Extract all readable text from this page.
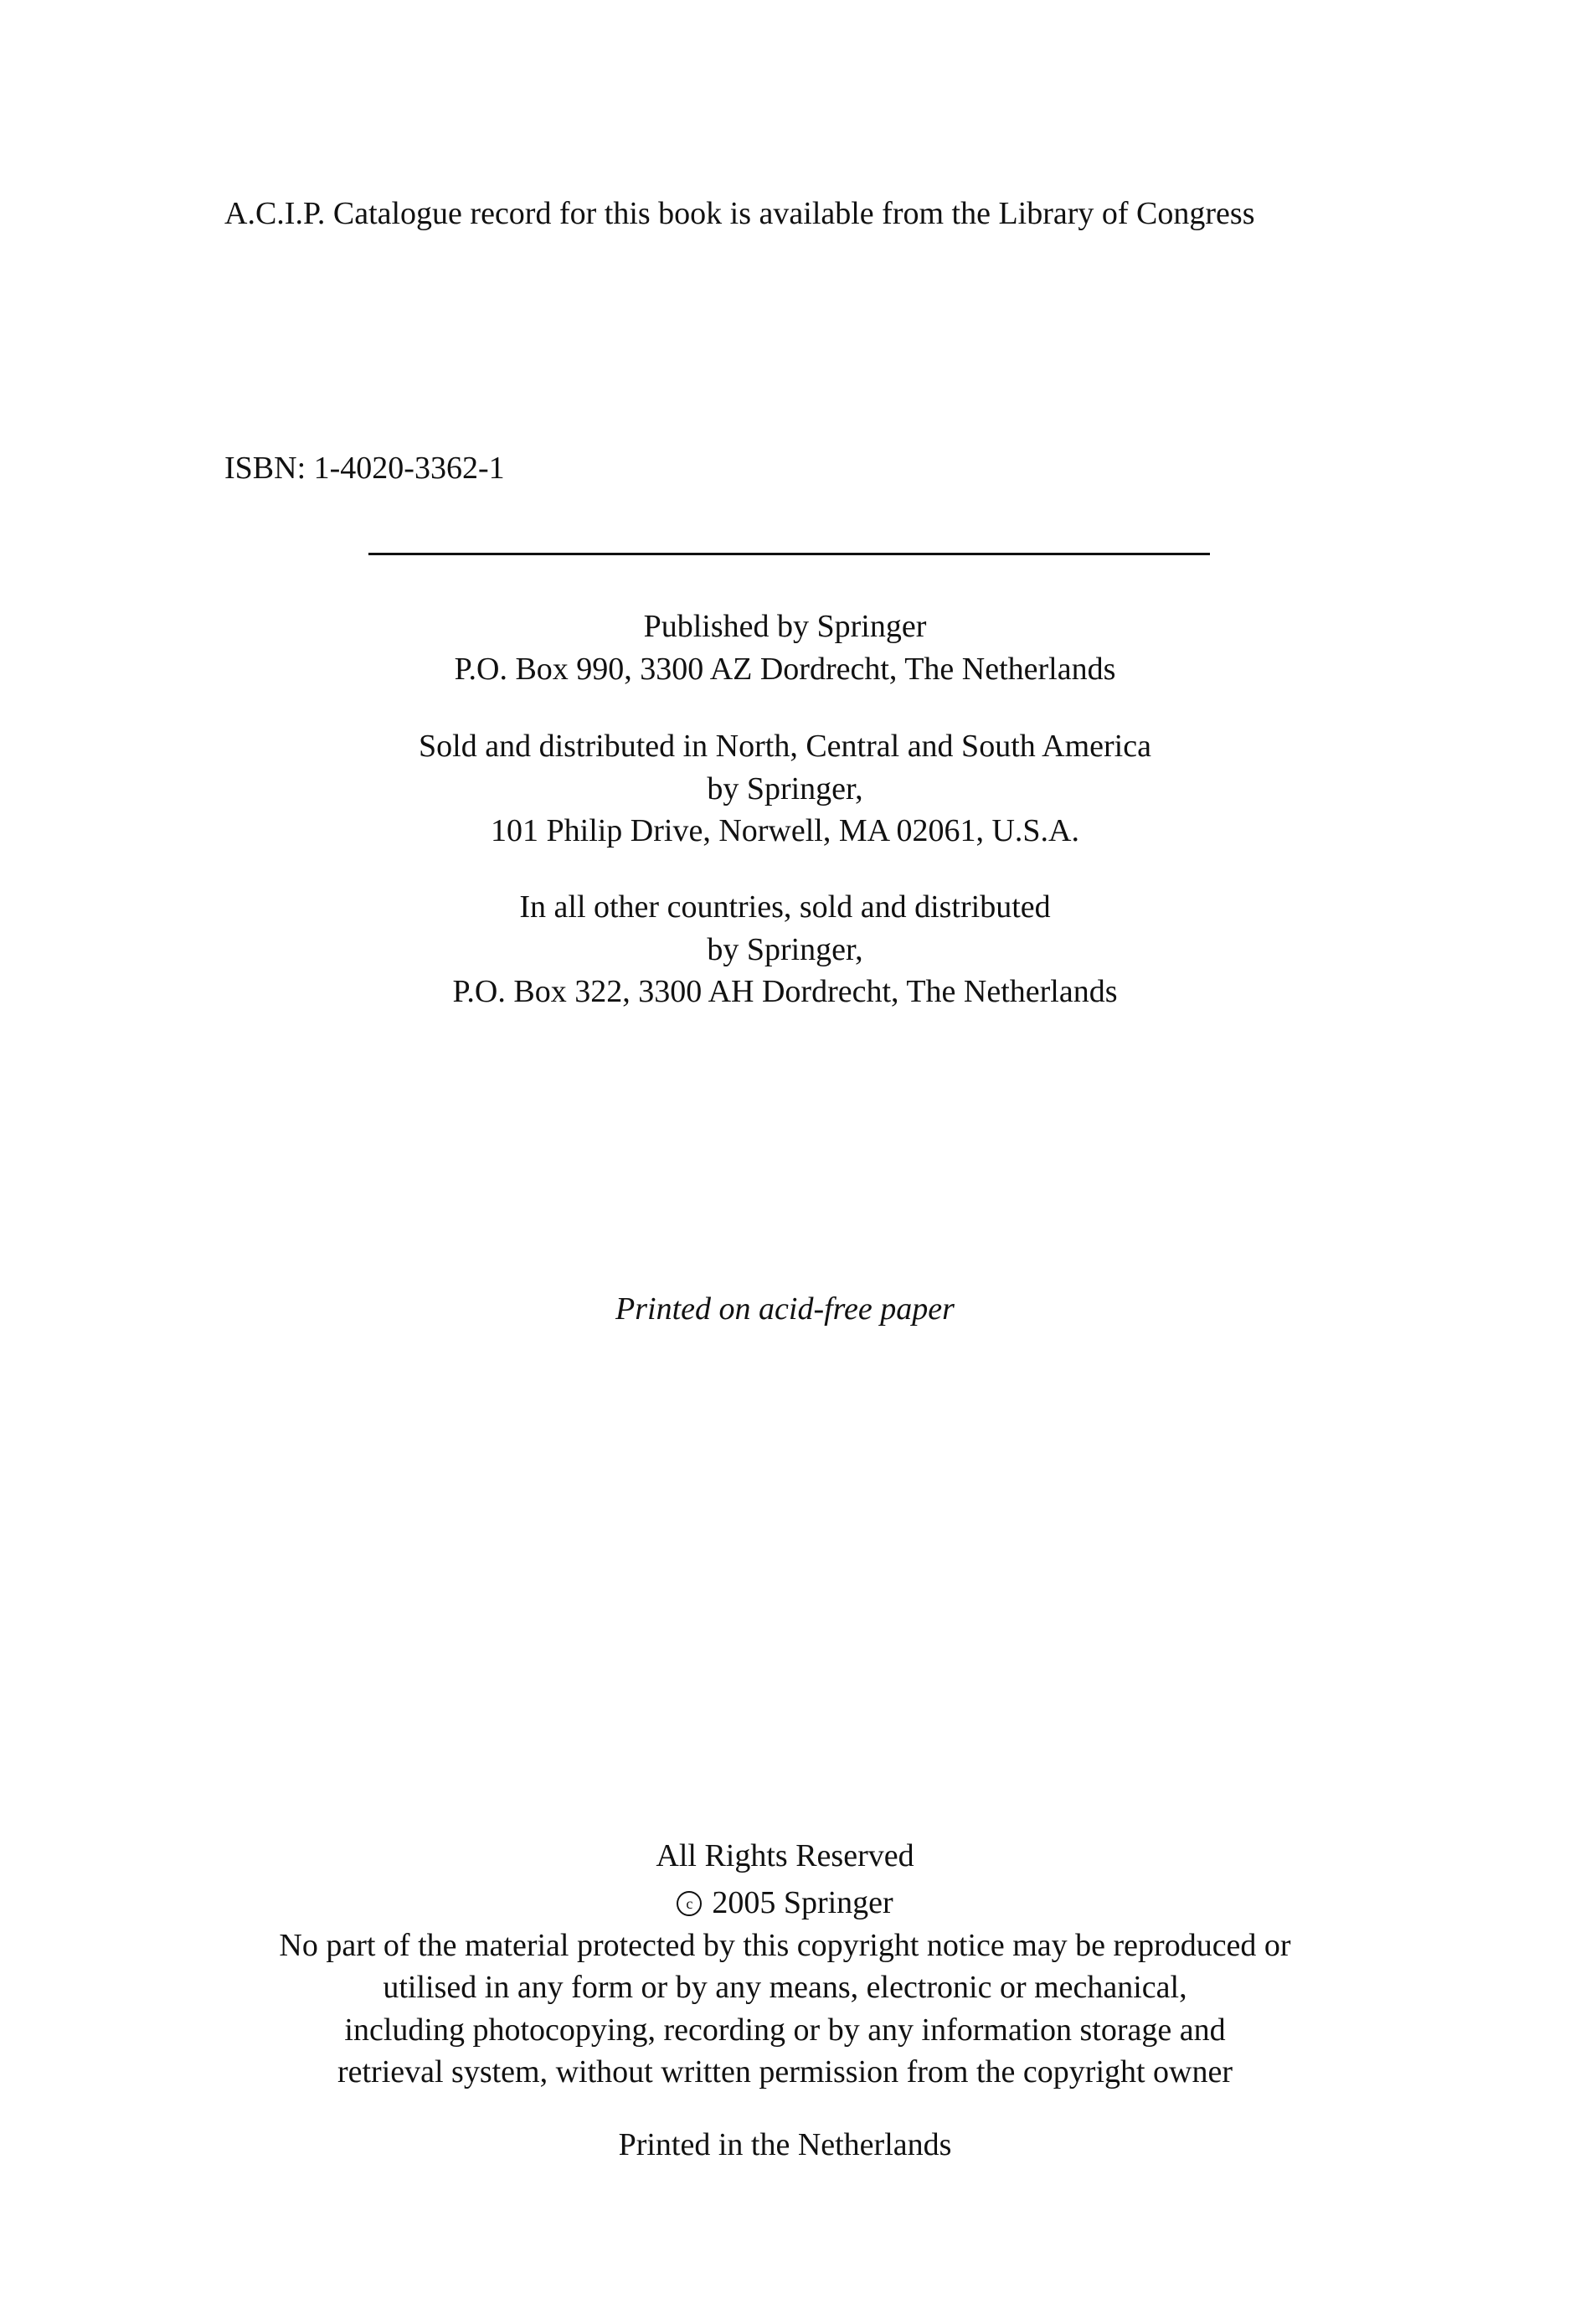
A.C.I.P. Catalogue record for this book is available from the Library of Congress
ISBN: 1-4020-3362-1
Published by Springer
P.O. Box 990, 3300 AZ Dordrecht, The Netherlands
Sold and distributed in North, Central and South America
by Springer,
101 Philip Drive, Norwell, MA 02061, U.S.A.
In all other countries, sold and distributed
by Springer,
P.O. Box 322, 3300 AH Dordrecht, The Netherlands
Printed on acid-free paper
All Rights Reserved
c 2005 Springer
No part of the material protected by this copyright notice may be reproduced or
utilised in any form or by any means, electronic or mechanical,
including photocopying, recording or by any information storage and
retrieval system, without written permission from the copyright owner
Printed in the Netherlands
